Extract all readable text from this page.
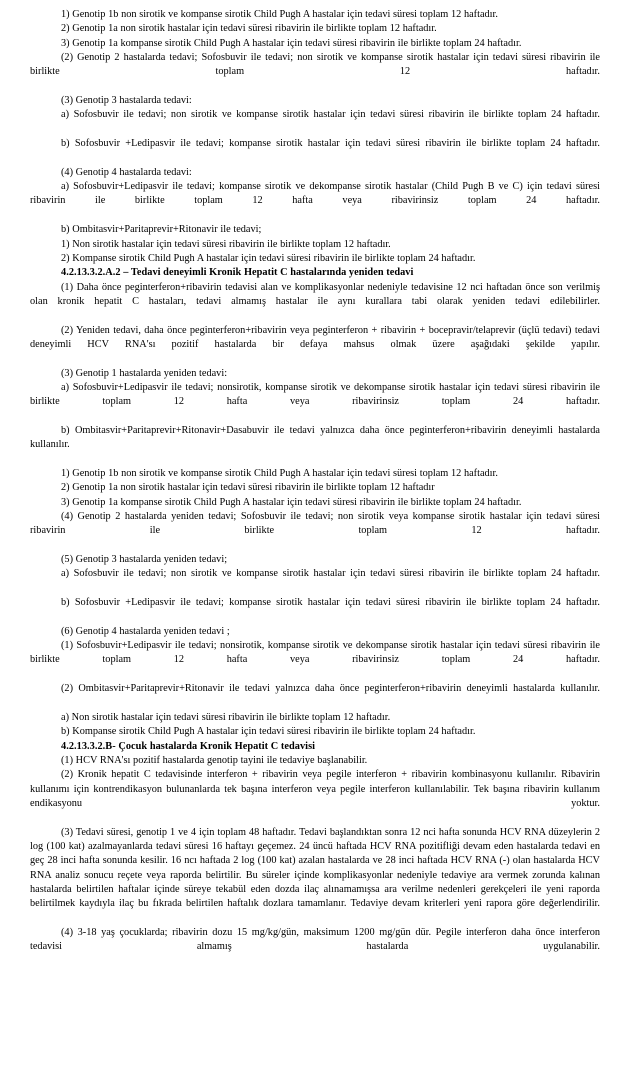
1) Genotip 1b non sirotik ve kompanse sirotik Child Pugh A hastalar için tedavi süresi toplam 12 haftadır.

2) Genotip 1a non sirotik hastalar için tedavi süresi ribavirin ile birlikte toplam 12 haftadır.

3) Genotip 1a kompanse sirotik Child Pugh A hastalar için tedavi süresi ribavirin ile birlikte toplam 24 haftadır.

(2) Genotip 2 hastalarda tedavi; Sofosbuvir ile tedavi; non sirotik ve kompanse sirotik hastalar için tedavi süresi ribavirin ile birlikte toplam 12 haftadır.

(3) Genotip 3 hastalarda tedavi:

a) Sofosbuvir ile tedavi; non sirotik ve kompanse sirotik hastalar için tedavi süresi ribavirin ile birlikte toplam 24 haftadır.

b) Sofosbuvir +Ledipasvir ile tedavi; kompanse sirotik hastalar için tedavi süresi ribavirin ile birlikte toplam 24 haftadır.

(4) Genotip 4 hastalarda tedavi:

a) Sofosbuvir+Ledipasvir ile tedavi; kompanse sirotik ve dekompanse sirotik hastalar (Child Pugh B ve C) için tedavi süresi ribavirin ile birlikte toplam 12 hafta veya ribavirinsiz toplam 24 haftadır.

b) Ombitasvir+Paritaprevir+Ritonavir ile tedavi;

1) Non sirotik hastalar için tedavi süresi ribavirin ile birlikte toplam 12 haftadır.

2) Kompanse sirotik Child Pugh A hastalar için tedavi süresi ribavirin ile birlikte toplam 24 haftadır.

4.2.13.3.2.A.2 – Tedavi deneyimli Kronik Hepatit C hastalarında yeniden tedavi

(1) Daha önce peginterferon+ribavirin tedavisi alan ve komplikasyonlar nedeniyle tedavisine 12 nci haftadan önce son verilmiş olan kronik hepatit C hastaları, tedavi almamış hastalar ile aynı kurallara tabi olarak yeniden tedavi edilebilirler.

(2) Yeniden tedavi, daha önce peginterferon+ribavirin veya peginterferon + ribavirin + bocepravir/telaprevir (üçlü tedavi) tedavi deneyimli HCV RNA'sı pozitif hastalarda bir defaya mahsus olmak üzere aşağıdaki şekilde yapılır.

(3) Genotip 1 hastalarda yeniden tedavi:

a) Sofosbuvir+Ledipasvir ile tedavi; nonsirotik, kompanse sirotik ve dekompanse sirotik hastalar için tedavi süresi ribavirin ile birlikte toplam 12 hafta veya ribavirinsiz toplam 24 haftadır.

b) Ombitasvir+Paritaprevir+Ritonavir+Dasabuvir ile tedavi yalnızca daha önce peginterferon+ribavirin deneyimli hastalarda kullanılır.

1) Genotip 1b non sirotik ve kompanse sirotik Child Pugh A hastalar için tedavi süresi toplam 12 haftadır.

2) Genotip 1a non sirotik hastalar için tedavi süresi ribavirin ile birlikte toplam 12 haftadır

3) Genotip 1a kompanse sirotik Child Pugh A hastalar için tedavi süresi ribavirin ile birlikte toplam 24 haftadır.

(4) Genotip 2 hastalarda yeniden tedavi; Sofosbuvir ile tedavi; non sirotik veya kompanse sirotik hastalar için tedavi süresi ribavirin ile birlikte toplam 12 haftadır.

(5) Genotip 3 hastalarda yeniden tedavi;

a) Sofosbuvir ile tedavi; non sirotik ve kompanse sirotik hastalar için tedavi süresi ribavirin ile birlikte toplam 24 haftadır.

b) Sofosbuvir +Ledipasvir ile tedavi; kompanse sirotik hastalar için tedavi süresi ribavirin ile birlikte toplam 24 haftadır.

(6) Genotip 4 hastalarda yeniden tedavi ;

(1) Sofosbuvir+Ledipasvir ile tedavi; nonsirotik, kompanse sirotik ve dekompanse sirotik hastalar için tedavi süresi ribavirin ile birlikte toplam 12 hafta veya ribavirinsiz toplam 24 haftadır.

(2) Ombitasvir+Paritaprevir+Ritonavir ile tedavi yalnızca daha önce peginterferon+ribavirin deneyimli hastalarda kullanılır.

a) Non sirotik hastalar için tedavi süresi ribavirin ile birlikte toplam 12 haftadır.

b) Kompanse sirotik Child Pugh A hastalar için tedavi süresi ribavirin ile birlikte toplam 24 haftadır.

4.2.13.3.2.B- Çocuk hastalarda Kronik Hepatit C tedavisi

(1) HCV RNA'sı pozitif hastalarda genotip tayini ile tedaviye başlanabilir.

(2) Kronik hepatit C tedavisinde interferon + ribavirin veya pegile interferon + ribavirin kombinasyonu kullanılır. Ribavirin kullanımı için kontrendikasyon bulunanlarda tek başına interferon veya pegile interferon kullanılabilir. Tek başına ribavirin kullanım endikasyonu yoktur.

(3) Tedavi süresi, genotip 1 ve 4 için toplam 48 haftadır. Tedavi başlandıktan sonra 12 nci hafta sonunda HCV RNA düzeylerin 2 log (100 kat) azalmayanlarda tedavi süresi 16 haftayı geçemez. 24 üncü haftada HCV RNA pozitifliği devam eden hastalarda tedavi en geç 28 inci hafta sonunda kesilir. 16 ncı haftada 2 log (100 kat) azalan hastalarda ve 28 inci haftada HCV RNA (-) olan hastalarda HCV RNA analiz sonucu reçete veya raporda belirtilir. Bu süreler içinde komplikasyonlar nedeniyle tedaviye ara vermek zorunda kalınan hastalarda belirtilen haftalar içinde süreye tekabül eden dozda ilaç alınamamışsa ara verilme nedenleri gerekçeleri ile yeni raporda belirtilmek kaydıyla ilaç bu fıkrada belirtilen haftalık dozlara tamamlanır. Tedaviye devam kriterleri yeni rapora göre değerlendirilir.

(4) 3-18 yaş çocuklarda; ribavirin dozu 15 mg/kg/gün, maksimum 1200 mg/gün dür. Pegile interferon daha önce interferon tedavisi almamış hastalarda uygulanabilir.
